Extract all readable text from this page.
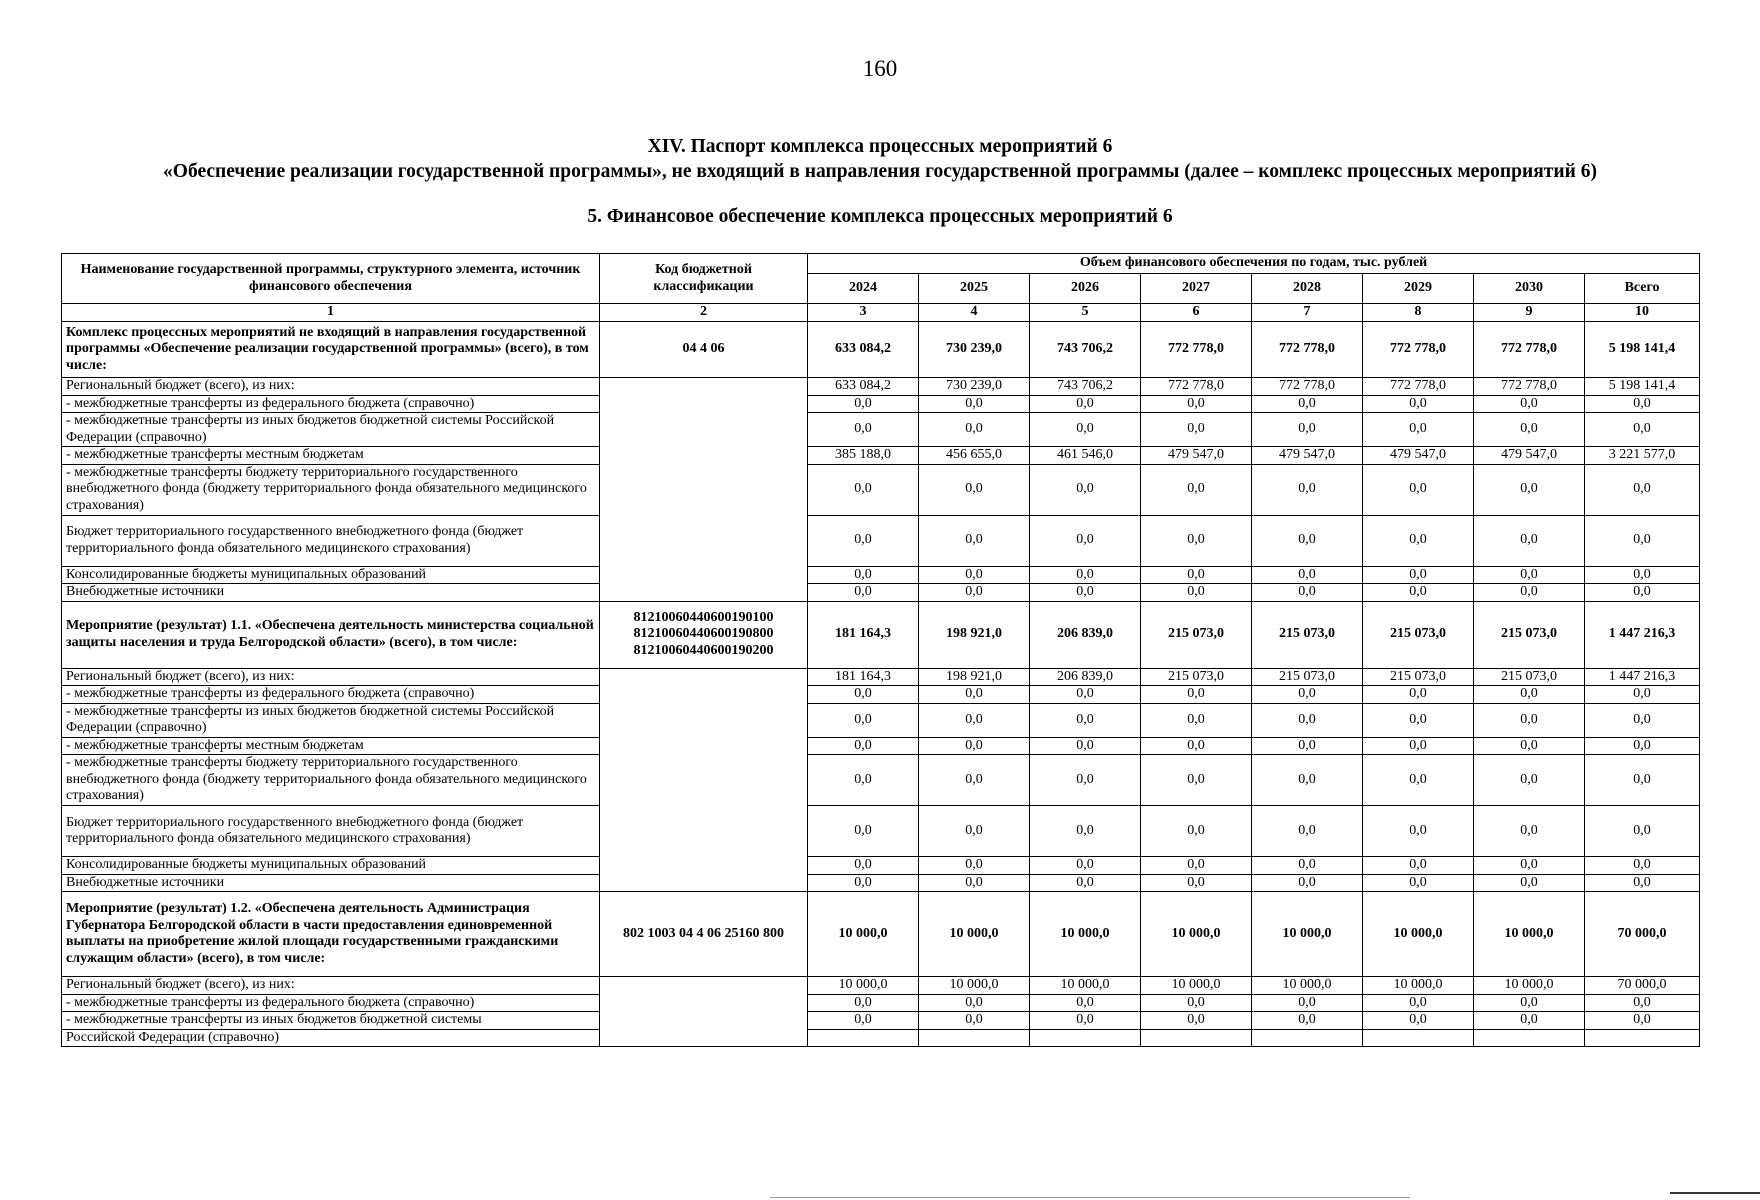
160
XIV. Паспорт комплекса процессных мероприятий 6
«Обеспечение реализации государственной программы», не входящий в направления государственной программы (далее – комплекс процессных мероприятий 6)
5. Финансовое обеспечение комплекса процессных мероприятий 6
Наименование государственной программы, структурного элемента, источник финансового обеспечения	Код бюджетной классификации	Объем финансового обеспечения по годам, тыс. рублей							
		2024	2025	2026	2027	2028	2029	2030	Всего
1	2	3	4	5	6	7	8	9	10
Комплекс процессных мероприятий не входящий в направления государственной программы «Обеспечение реализации государственной программы» (всего), в том числе:	04 4 06	633 084,2	730 239,0	743 706,2	772 778,0	772 778,0	772 778,0	772 778,0	5 198 141,4
Региональный бюджет (всего), из них:		633 084,2	730 239,0	743 706,2	772 778,0	772 778,0	772 778,0	772 778,0	5 198 141,4
- межбюджетные трансферты из федерального бюджета (справочно)		0,0	0,0	0,0	0,0	0,0	0,0	0,0	0,0
- межбюджетные трансферты из иных бюджетов бюджетной системы Российской Федерации (справочно)		0,0	0,0	0,0	0,0	0,0	0,0	0,0	0,0
- межбюджетные трансферты местным бюджетам		385 188,0	456 655,0	461 546,0	479 547,0	479 547,0	479 547,0	479 547,0	3 221 577,0
- межбюджетные трансферты бюджету территориального государственного внебюджетного фонда (бюджету территориального фонда обязательного медицинского страхования)		0,0	0,0	0,0	0,0	0,0	0,0	0,0	0,0
Бюджет территориального государственного внебюджетного фонда (бюджет территориального фонда обязательного медицинского страхования)		0,0	0,0	0,0	0,0	0,0	0,0	0,0	0,0
Консолидированные бюджеты муниципальных образований		0,0	0,0	0,0	0,0	0,0	0,0	0,0	0,0
Внебюджетные источники		0,0	0,0	0,0	0,0	0,0	0,0	0,0	0,0
Мероприятие (результат) 1.1. «Обеспечена деятельность министерства социальной защиты населения и труда Белгородской области» (всего), в том числе:	81210060440600190100 81210060440600190800 81210060440600190200	181 164,3	198 921,0	206 839,0	215 073,0	215 073,0	215 073,0	215 073,0	1 447 216,3
Региональный бюджет (всего), из них:		181 164,3	198 921,0	206 839,0	215 073,0	215 073,0	215 073,0	215 073,0	1 447 216,3
- межбюджетные трансферты из федерального бюджета (справочно)		0,0	0,0	0,0	0,0	0,0	0,0	0,0	0,0
- межбюджетные трансферты из иных бюджетов бюджетной системы Российской Федерации (справочно)		0,0	0,0	0,0	0,0	0,0	0,0	0,0	0,0
- межбюджетные трансферты местным бюджетам		0,0	0,0	0,0	0,0	0,0	0,0	0,0	0,0
- межбюджетные трансферты бюджету территориального государственного внебюджетного фонда (бюджету территориального фонда обязательного медицинского страхования)		0,0	0,0	0,0	0,0	0,0	0,0	0,0	0,0
Бюджет территориального государственного внебюджетного фонда (бюджет территориального фонда обязательного медицинского страхования)		0,0	0,0	0,0	0,0	0,0	0,0	0,0	0,0
Консолидированные бюджеты муниципальных образований		0,0	0,0	0,0	0,0	0,0	0,0	0,0	0,0
Внебюджетные источники		0,0	0,0	0,0	0,0	0,0	0,0	0,0	0,0
Мероприятие (результат) 1.2. «Обеспечена деятельность Администрация Губернатора Белгородской области в части предоставления единовременной выплаты на приобретение жилой площади государственными гражданскими служащим области» (всего), в том числе:	802 1003 04 4 06 25160 800	10 000,0	10 000,0	10 000,0	10 000,0	10 000,0	10 000,0	10 000,0	70 000,0
Региональный бюджет (всего), из них:		10 000,0	10 000,0	10 000,0	10 000,0	10 000,0	10 000,0	10 000,0	70 000,0
- межбюджетные трансферты из федерального бюджета (справочно)		0,0	0,0	0,0	0,0	0,0	0,0	0,0	0,0
- межбюджетные трансферты из иных бюджетов бюджетной системы		0,0	0,0	0,0	0,0	0,0	0,0	0,0	0,0
Российской Федерации (справочно)									
